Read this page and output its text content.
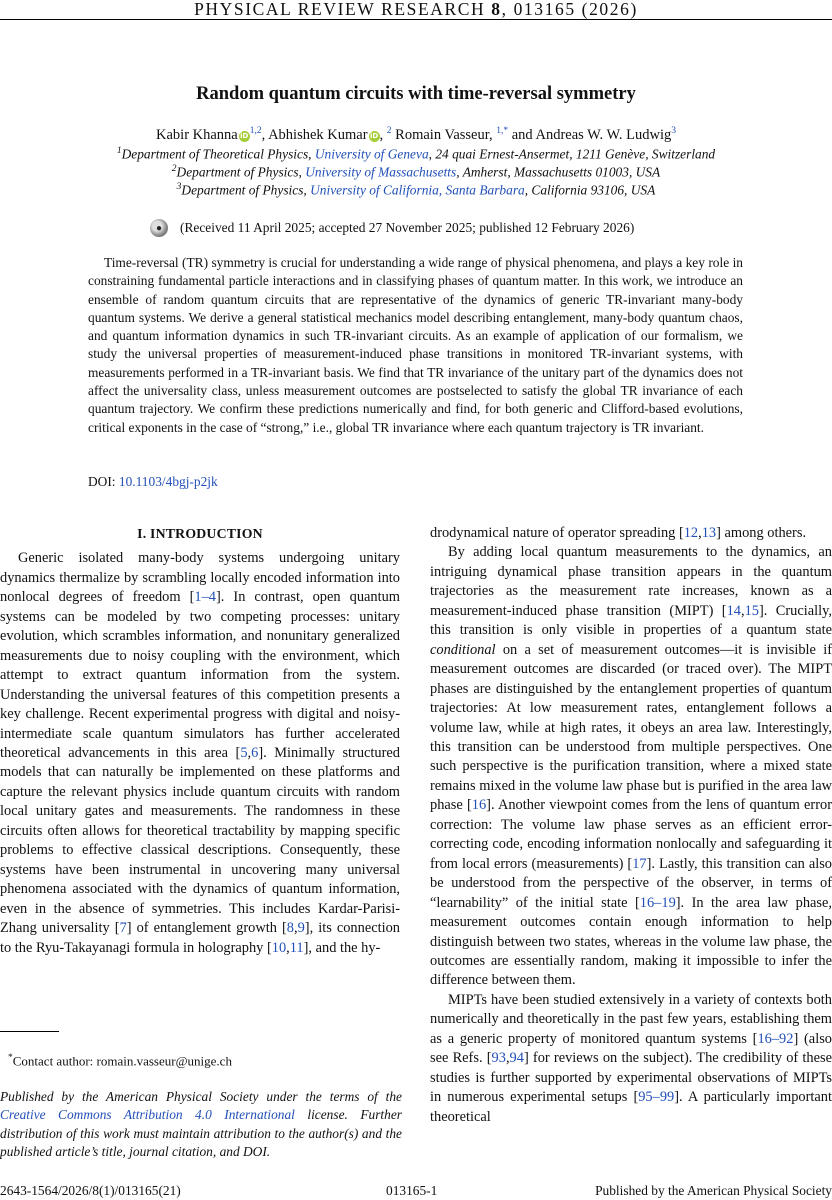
PHYSICAL REVIEW RESEARCH 8, 013165 (2026)
Random quantum circuits with time-reversal symmetry
Kabir Khanna iD$^{1,2}$, Abhishek Kumar iD, $^2$ Romain Vasseur, $^{1,*}$ and Andreas W. W. Ludwig$^3$
$^1$Department of Theoretical Physics, University of Geneva, 24 quai Ernest-Ansermet, 1211 Genève, Switzerland
$^2$Department of Physics, University of Massachusetts, Amherst, Massachusetts 01003, USA
$^3$Department of Physics, University of California, Santa Barbara, California 93106, USA
●	(Received 11 April 2025; accepted 27 November 2025; published 12 February 2026)
Time-reversal (TR) symmetry is crucial for understanding a wide range of physical phenomena, and plays a key role in constraining fundamental particle interactions and in classifying phases of quantum matter. In this work, we introduce an ensemble of random quantum circuits that are representative of the dynamics of generic TR-invariant many-body quantum systems. We derive a general statistical mechanics model describing entanglement, many-body quantum chaos, and quantum information dynamics in such TR-invariant circuits. As an example of application of our formalism, we study the universal properties of measurement-induced phase transitions in monitored TR-invariant systems, with measurements performed in a TR-invariant basis. We find that TR invariance of the unitary part of the dynamics does not affect the universality class, unless measurement outcomes are postselected to satisfy the global TR invariance of each quantum trajectory. We confirm these predictions numerically and find, for both generic and Clifford-based evolutions, critical exponents in the case of “strong,” i.e., global TR invariance where each quantum trajectory is TR invariant.
DOI: 10.1103/4bgj-p2jk
I. INTRODUCTION

Generic isolated many-body systems undergoing unitary dynamics thermalize by scrambling locally encoded information into nonlocal degrees of freedom [1–4]. In contrast, open quantum systems can be modeled by two competing processes: unitary evolution, which scrambles information, and nonunitary generalized measurements due to noisy coupling with the environment, which attempt to extract quantum information from the system. Understanding the universal features of this competition presents a key challenge. Recent experimental progress with digital and noisy-intermediate scale quantum simulators has further accelerated theoretical advancements in this area [5,6]. Minimally structured models that can naturally be implemented on these platforms and capture the relevant physics include quantum circuits with random local unitary gates and measurements. The randomness in these circuits often allows for theoretical tractability by mapping specific problems to effective classical descriptions. Consequently, these systems have been instrumental in uncovering many universal phenomena associated with the dynamics of quantum information, even in the absence of symmetries. This includes Kardar-Parisi-Zhang universality [7] of entanglement growth [8,9], its connection to the Ryu-Takayanagi formula in holography [10,11], and the hy-

drodynamical nature of operator spreading [12,13] among others.

By adding local quantum measurements to the dynamics, an intriguing dynamical phase transition appears in the quantum trajectories as the measurement rate increases, known as a measurement-induced phase transition (MIPT) [14,15]. Crucially, this transition is only visible in properties of a quantum state conditional on a set of measurement outcomes—it is invisible if measurement outcomes are discarded (or traced over). The MIPT phases are distinguished by the entanglement properties of quantum trajectories: At low measurement rates, entanglement follows a volume law, while at high rates, it obeys an area law. Interestingly, this transition can be understood from multiple perspectives. One such perspective is the purification transition, where a mixed state remains mixed in the volume law phase but is purified in the area law phase [16]. Another viewpoint comes from the lens of quantum error correction: The volume law phase serves as an efficient error-correcting code, encoding information nonlocally and safeguarding it from local errors (measurements) [17]. Lastly, this transition can also be understood from the perspective of the observer, in terms of “learnability” of the initial state [16–19]. In the area law phase, measurement outcomes contain enough information to help distinguish between two states, whereas in the volume law phase, the outcomes are essentially random, making it impossible to infer the difference between them.

MIPTs have been studied extensively in a variety of contexts both numerically and theoretically in the past few years, establishing them as a generic property of monitored quantum systems [16–92] (also see Refs. [93,94] for reviews on the subject). The credibility of these studies is further supported by experimental observations of MIPTs in numerous experimental setups [95–99]. A particularly important theoretical

*Contact author: romain.vasseur@unige.ch
Published by the American Physical Society under the terms of the Creative Commons Attribution 4.0 International license. Further distribution of this work must maintain attribution to the author(s) and the published article’s title, journal citation, and DOI.
2643-1564/2026/8(1)/013165(21)	013165-1	Published by the American Physical Society
